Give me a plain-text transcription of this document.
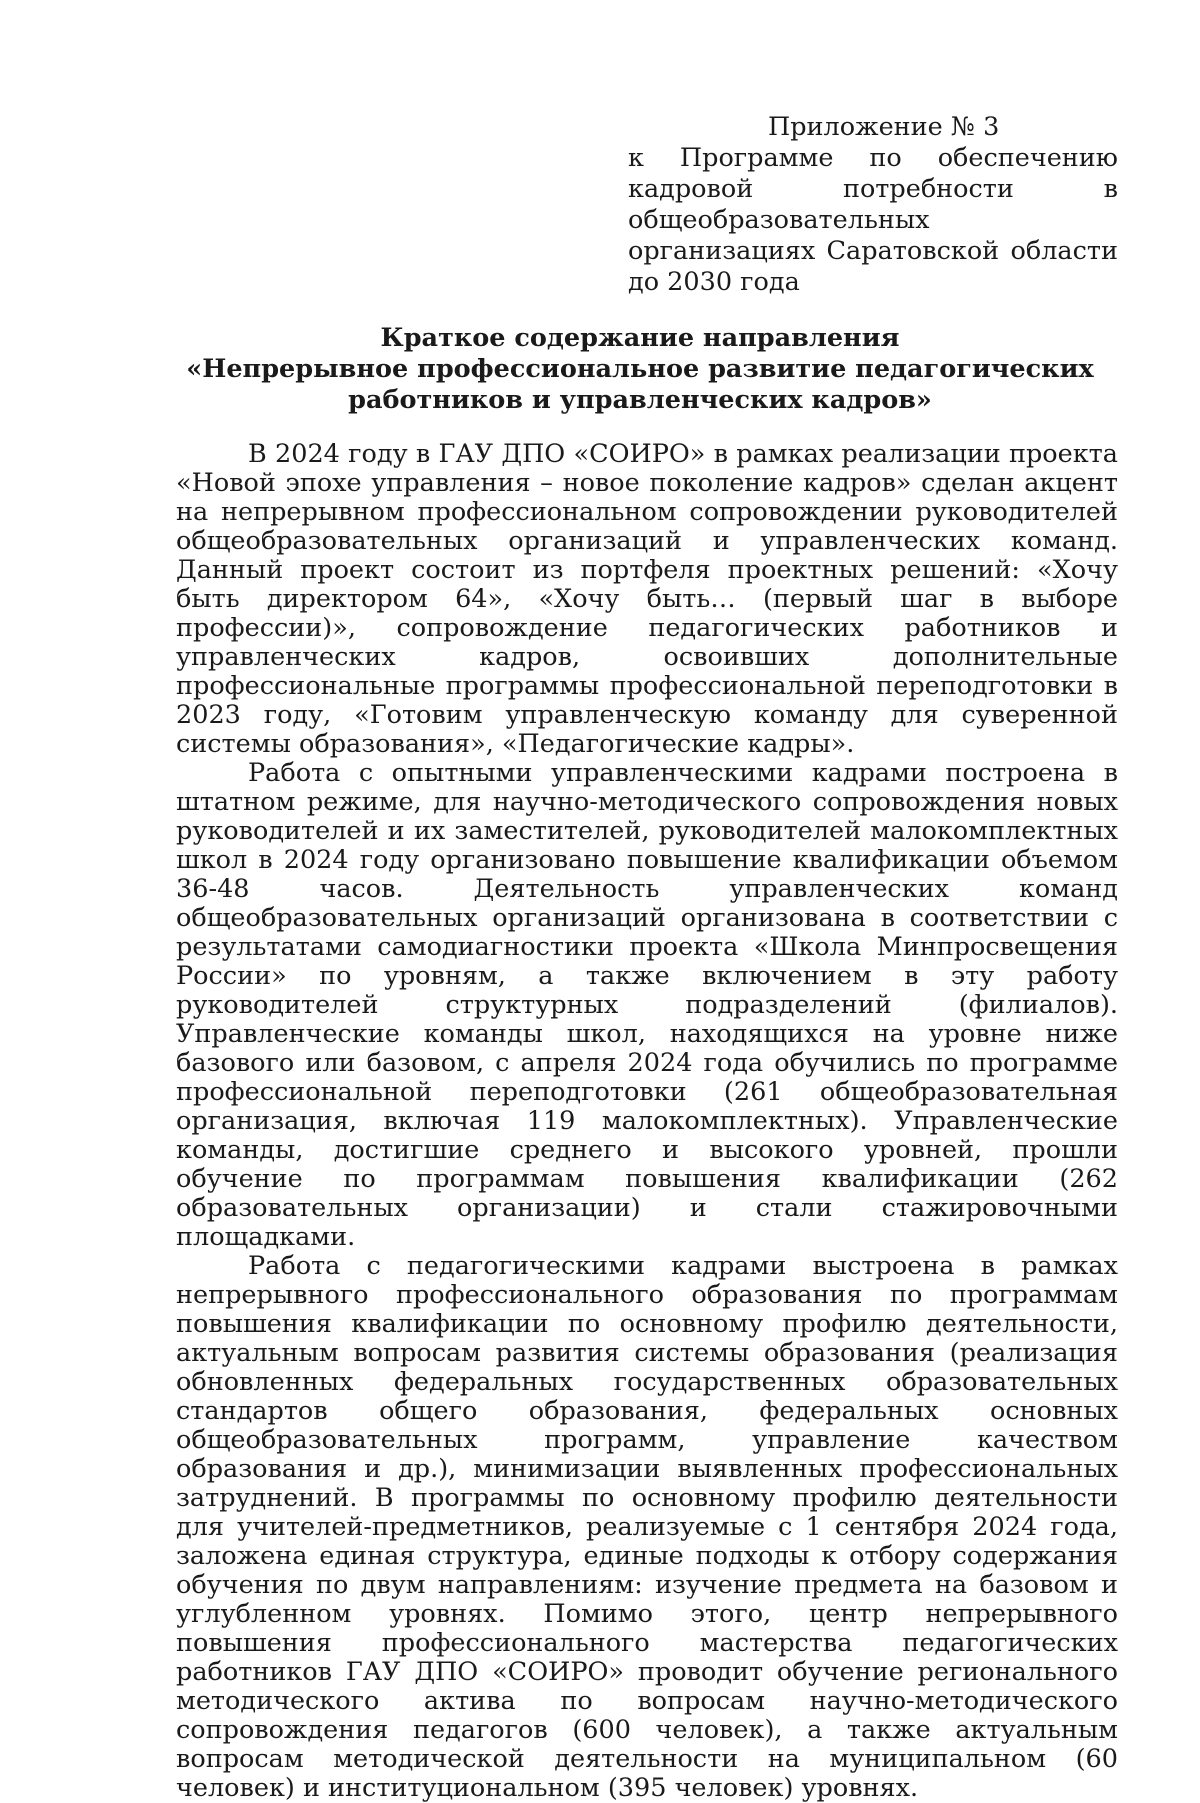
Приложение № 3
к Программе по обеспечению кадровой потребности в общеобразовательных организациях Саратовской области до 2030 года
Краткое содержание направления
«Непрерывное профессиональное развитие педагогических
работников и управленческих кадров»

В 2024 году в ГАУ ДПО «СОИРО» в рамках реализации проекта «Новой эпохе управления – новое поколение кадров» сделан акцент на непрерывном профессиональном сопровождении руководителей общеобразовательных организаций и управленческих команд. Данный проект состоит из портфеля проектных решений: «Хочу быть директором 64», «Хочу быть… (первый шаг в выборе профессии)», сопровождение педагогических работников и управленческих кадров, освоивших дополнительные профессиональные программы профессиональной переподготовки в 2023 году, «Готовим управленческую команду для суверенной системы образования», «Педагогические кадры».

Работа с опытными управленческими кадрами построена в штатном режиме, для научно-методического сопровождения новых руководителей и их заместителей, руководителей малокомплектных школ в 2024 году организовано повышение квалификации объемом 36-48 часов. Деятельность управленческих команд общеобразовательных организаций организована в соответствии с результатами самодиагностики проекта «Школа Минпросвещения России» по уровням, а также включением в эту работу руководителей структурных подразделений (филиалов). Управленческие команды школ, находящихся на уровне ниже базового или базовом, с апреля 2024 года обучились по программе профессиональной переподготовки (261 общеобразовательная организация, включая 119 малокомплектных). Управленческие команды, достигшие среднего и высокого уровней, прошли обучение по программам повышения квалификации (262 образовательных организации) и стали стажировочными площадками.

Работа с педагогическими кадрами выстроена в рамках непрерывного профессионального образования по программам повышения квалификации по основному профилю деятельности, актуальным вопросам развития системы образования (реализация обновленных федеральных государственных образовательных стандартов общего образования, федеральных основных общеобразовательных программ, управление качеством образования и др.), минимизации выявленных профессиональных затруднений. В программы по основному профилю деятельности для учителей-предметников, реализуемые с 1 сентября 2024 года, заложена единая структура, единые подходы к отбору содержания обучения по двум направлениям: изучение предмета на базовом и углубленном уровнях. Помимо этого, центр непрерывного повышения профессионального мастерства педагогических работников ГАУ ДПО «СОИРО» проводит обучение регионального методического актива по вопросам научно-методического сопровождения педагогов (600 человек), а также актуальным вопросам методической деятельности на муниципальном (60 человек) и институциональном (395 человек) уровнях.
